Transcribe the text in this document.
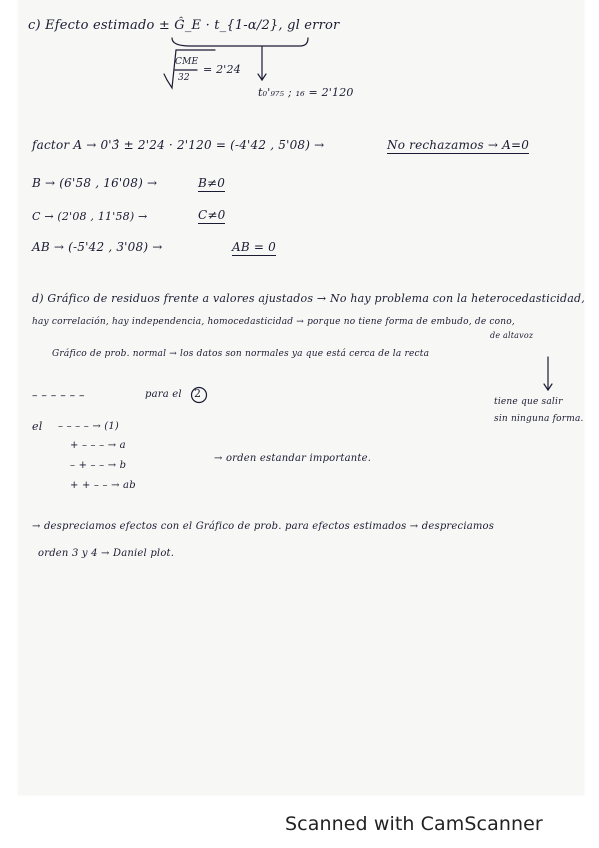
c) Efecto estimado ± Ĝ_E · t_{1-α/2}, gl error
CME
32
= 2'24
t₀'₉₇₅ ; ₁₆ = 2'120
factor A → 0'3̂ ± 2'24 · 2'120 = (-4'42 , 5'08) →	No rechazamos → A=0
B → (6'58 , 16'08) →	B≠0
C → (2'08 , 11'58) →	C≠0
AB → (-5'42 , 3'08) →	AB = 0
d) Gráfico de residuos frente a valores ajustados → No hay problema con la heterocedasticidad,
hay correlación, hay independencia, homocedasticidad → porque no tiene forma de embudo, de cono,
de altavoz
Gráfico de prob. normal → los datos son normales ya que está cerca de la recta
tiene que salir
sin ninguna forma.
– – – – – –	para el 2
el – – – – → (1)
+ – – – → a
– + – – → b
+ + – – → ab
→ orden estandar importante.
→ despreciamos efectos con el Gráfico de prob. para efectos estimados → despreciamos
orden 3 y 4 → Daniel plot.
Scanned with CamScanner
